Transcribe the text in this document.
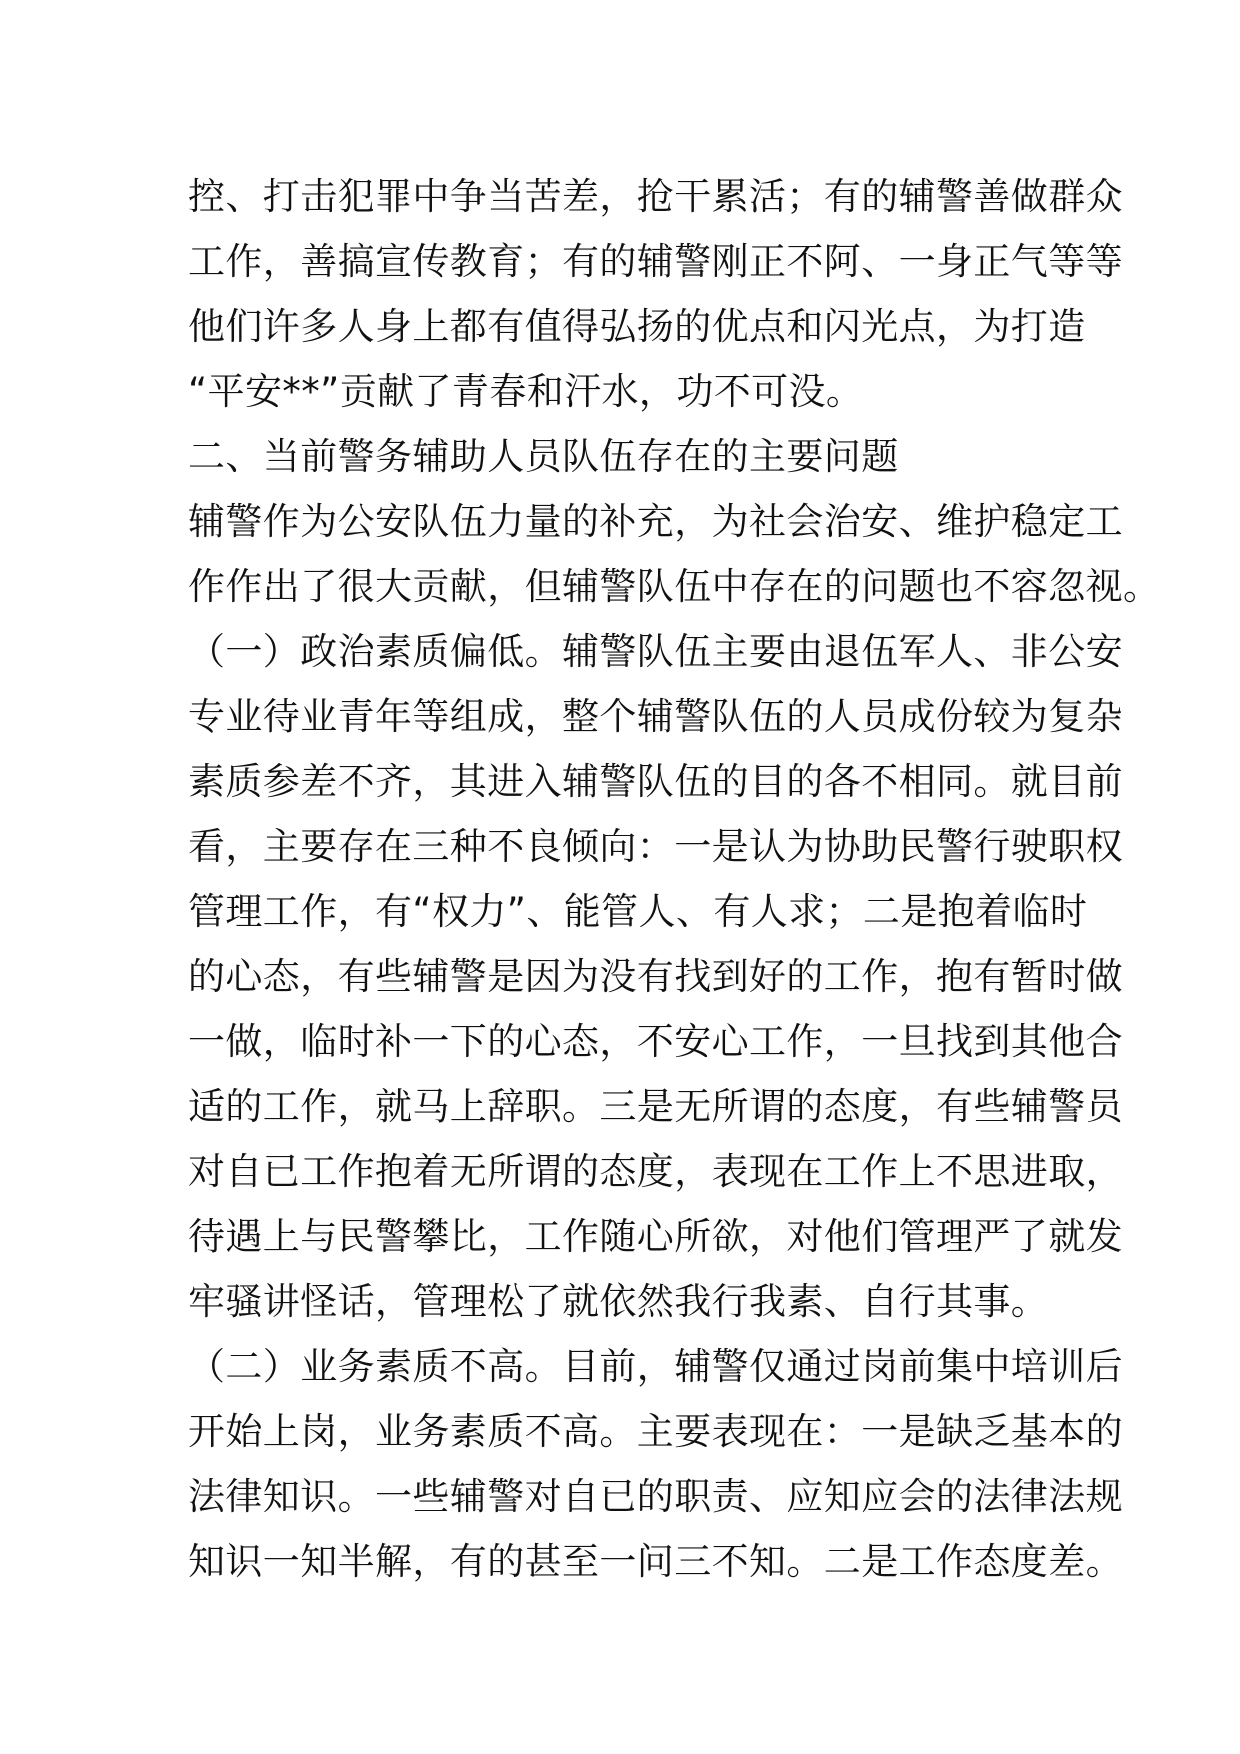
控、打击犯罪中争当苦差，抢干累活；有的辅警善做群众
工作，善搞宣传教育；有的辅警刚正不阿、一身正气等等
他们许多人身上都有值得弘扬的优点和闪光点，为打造
“平安**”贡献了青春和汗水，功不可没。
二、当前警务辅助人员队伍存在的主要问题
辅警作为公安队伍力量的补充，为社会治安、维护稳定工
作作出了很大贡献，但辅警队伍中存在的问题也不容忽视。
（一）政治素质偏低。辅警队伍主要由退伍军人、非公安
专业待业青年等组成，整个辅警队伍的人员成份较为复杂
素质参差不齐，其进入辅警队伍的目的各不相同。就目前
看，主要存在三种不良倾向：一是认为协助民警行驶职权
管理工作，有“权力”、能管人、有人求；二是抱着临时
的心态，有些辅警是因为没有找到好的工作，抱有暂时做
一做，临时补一下的心态，不安心工作，一旦找到其他合
适的工作，就马上辞职。三是无所谓的态度，有些辅警员
对自已工作抱着无所谓的态度，表现在工作上不思进取，
待遇上与民警攀比，工作随心所欲，对他们管理严了就发
牢骚讲怪话，管理松了就依然我行我素、自行其事。
（二）业务素质不高。目前，辅警仅通过岗前集中培训后
开始上岗，业务素质不高。主要表现在：一是缺乏基本的
法律知识。一些辅警对自已的职责、应知应会的法律法规
知识一知半解，有的甚至一问三不知。二是工作态度差。
